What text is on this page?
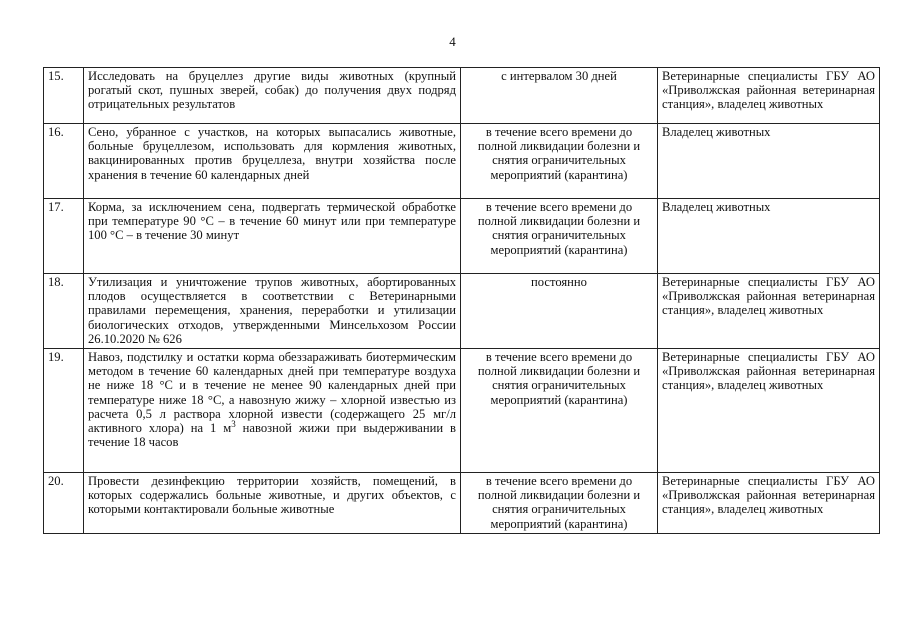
4
15.	Исследовать на бруцеллез другие виды животных (крупный рогатый скот, пушных зверей, собак) до получения двух подряд отрицательных результатов	с интервалом 30 дней	Ветеринарные специалисты ГБУ АО «Приволжская районная ветеринарная станция», владелец животных
16.	Сено, убранное с участков, на которых выпасались животные, больные бруцеллезом, использовать для кормления животных, вакцинированных против бруцеллеза, внутри хозяйства после хранения в течение 60 календарных дней	в течение всего времени до полной ликвидации болезни и снятия ограничительных мероприятий (карантина)	Владелец животных
17.	Корма, за исключением сена, подвергать термической обработке при температуре 90 °С – в течение 60 минут или при температуре 100 °С – в течение 30 минут	в течение всего времени до полной ликвидации болезни и снятия ограничительных мероприятий (карантина)	Владелец животных
18.	Утилизация и уничтожение трупов животных, абортированных плодов осуществляется в соответствии с Ветеринарными правилами перемещения, хранения, переработки и утилизации биологических отходов, утвержденными Минсельхозом России 26.10.2020 № 626	постоянно	Ветеринарные специалисты ГБУ АО «Приволжская районная ветеринарная станция», владелец животных
19.	Навоз, подстилку и остатки корма обеззараживать биотермическим методом в течение 60 календарных дней при температуре воздуха не ниже 18 °С и в течение не менее 90 календарных дней при температуре ниже 18 °С, а навозную жижу – хлорной известью из расчета 0,5 л раствора хлорной извести (содержащего 25 мг/л активного хлора) на 1 $м^3$ навозной жижи при выдерживании в течение 18 часов	в течение всего времени до полной ликвидации болезни и снятия ограничительных мероприятий (карантина)	Ветеринарные специалисты ГБУ АО «Приволжская районная ветеринарная станция», владелец животных
20.	Провести дезинфекцию территории хозяйств, помещений, в которых содержались больные животные, и других объектов, с которыми контактировали больные животные	в течение всего времени до полной ликвидации болезни и снятия ограничительных мероприятий (карантина)	Ветеринарные специалисты ГБУ АО «Приволжская районная ветеринарная станция», владелец животных
